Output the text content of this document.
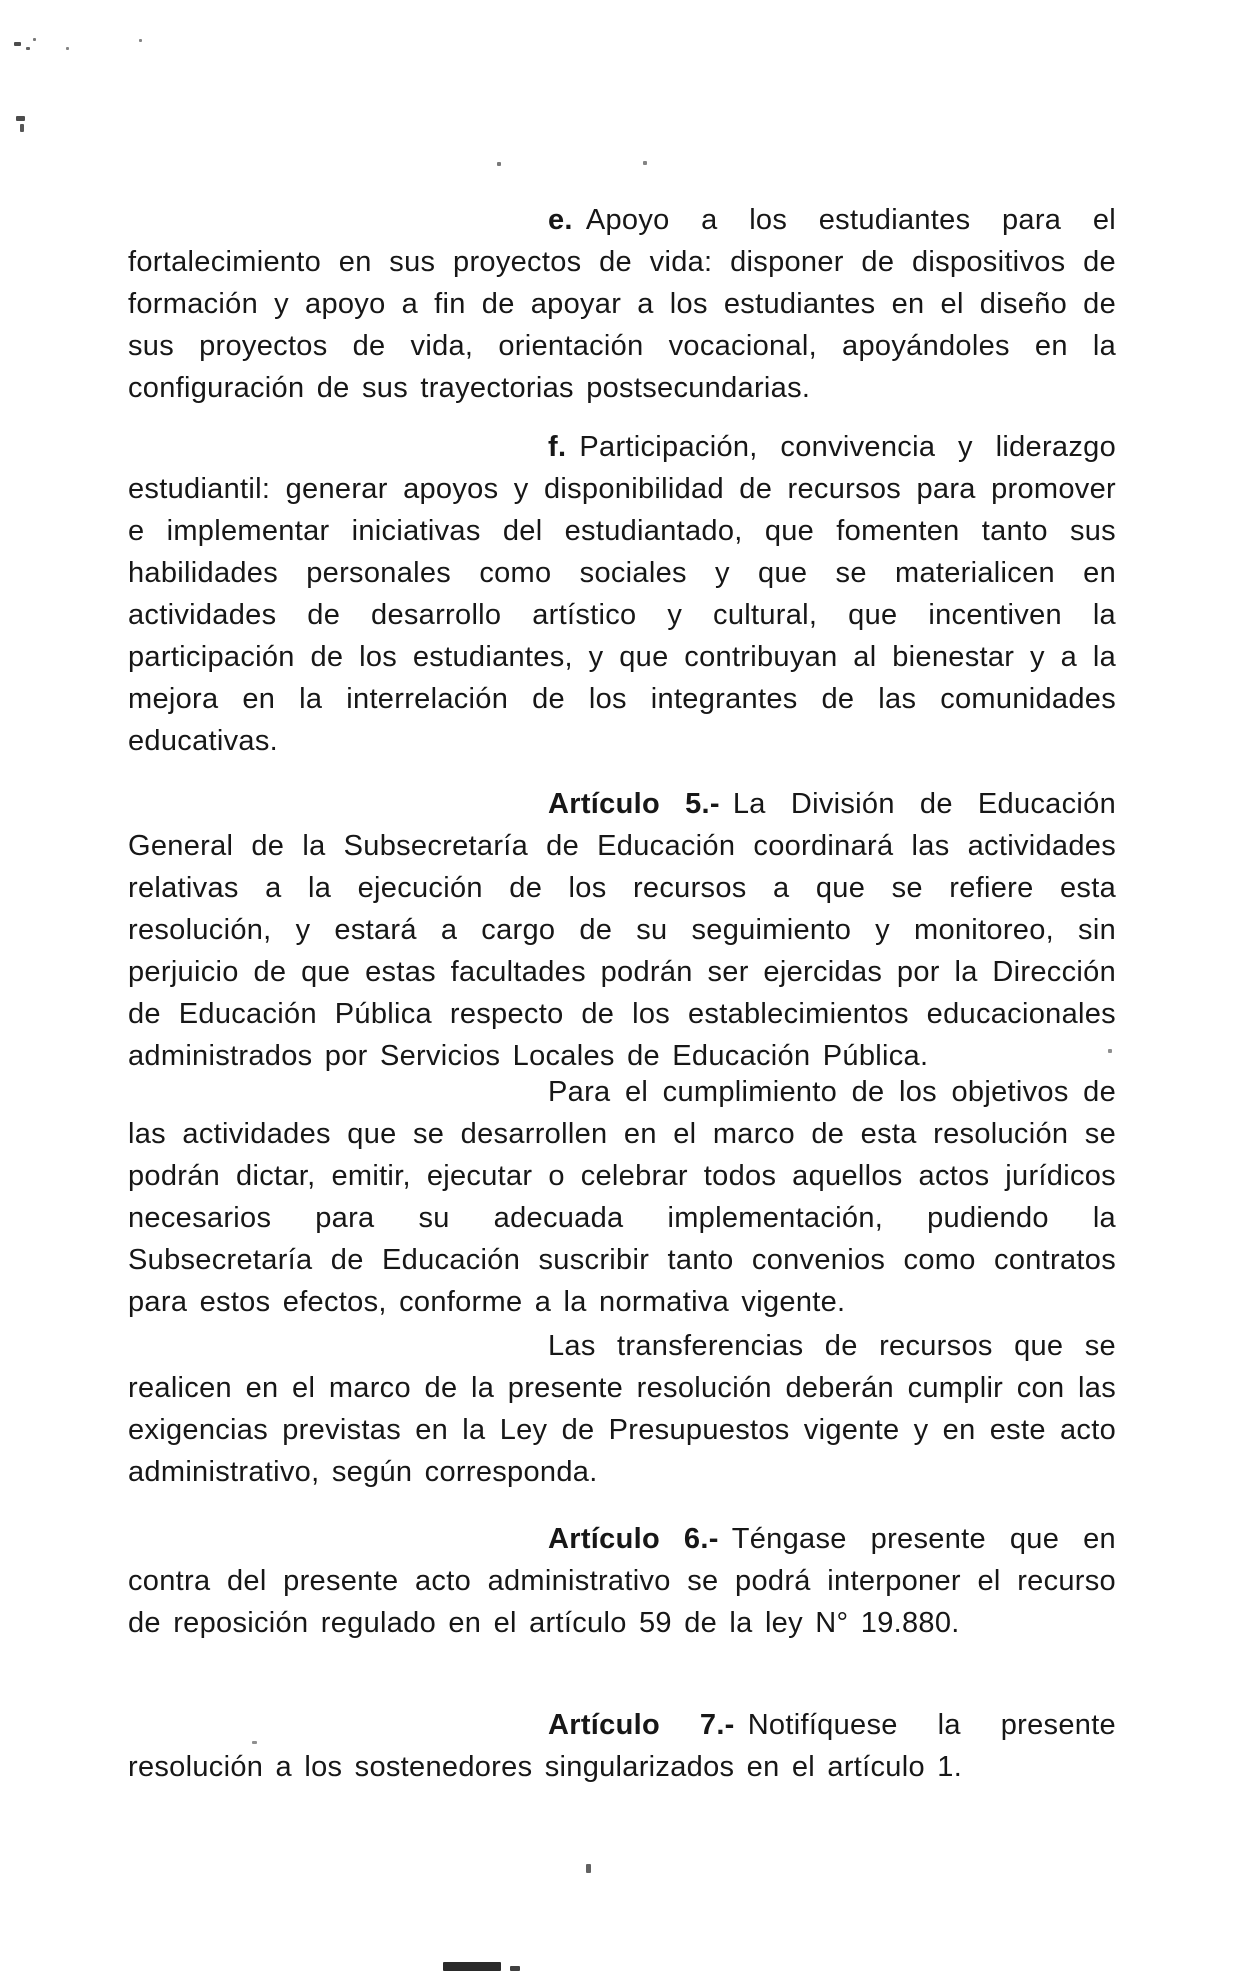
e. Apoyo a los estudiantes para el fortalecimiento en sus proyectos de vida: disponer de dispositivos de formación y apoyo a fin de apoyar a los estudiantes en el diseño de sus proyectos de vida, orientación vocacional, apoyándoles en la configuración de sus trayectorias postsecundarias.

f. Participación, convivencia y liderazgo estudiantil: generar apoyos y disponibilidad de recursos para promover e implementar iniciativas del estudiantado, que fomenten tanto sus habilidades personales como sociales y que se materialicen en actividades de desarrollo artístico y cultural, que incentiven la participación de los estudiantes, y que contribuyan al bienestar y a la mejora en la interrelación de los integrantes de las comunidades educativas.

Artículo 5.- La División de Educación General de la Subsecretaría de Educación coordinará las actividades relativas a la ejecución de los recursos a que se refiere esta resolución, y estará a cargo de su seguimiento y monitoreo, sin perjuicio de que estas facultades podrán ser ejercidas por la Dirección de Educación Pública respecto de los establecimientos educacionales administrados por Servicios Locales de Educación Pública.

Para el cumplimiento de los objetivos de las actividades que se desarrollen en el marco de esta resolución se podrán dictar, emitir, ejecutar o celebrar todos aquellos actos jurídicos necesarios para su adecuada implementación, pudiendo la Subsecretaría de Educación suscribir tanto convenios como contratos para estos efectos, conforme a la normativa vigente.

Las transferencias de recursos que se realicen en el marco de la presente resolución deberán cumplir con las exigencias previstas en la Ley de Presupuestos vigente y en este acto administrativo, según corresponda.

Artículo 6.- Téngase presente que en contra del presente acto administrativo se podrá interponer el recurso de reposición regulado en el artículo 59 de la ley N° 19.880.

Artículo 7.- Notifíquese la presente resolución a los sostenedores singularizados en el artículo 1.
